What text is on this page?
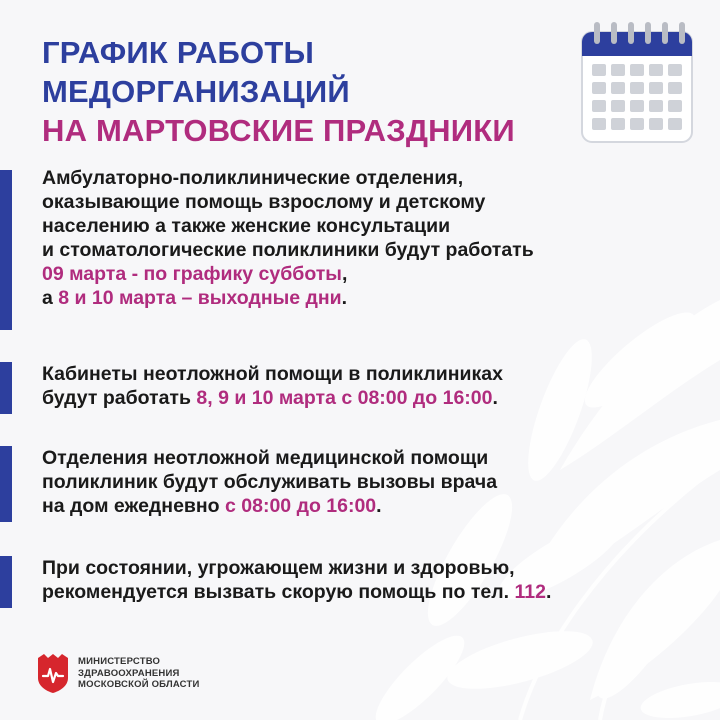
ГРАФИК РАБОТЫ
МЕДОРГАНИЗАЦИЙ
НА МАРТОВСКИЕ ПРАЗДНИКИ

Амбулаторно-поликлинические отделения,

оказывающие помощь взрослому и детскому

населению а также женские консультации

и стоматологические поликлиники будут работать

09 марта - по графику субботы,

а 8 и 10 марта – выходные дни.

Кабинеты неотложной помощи в поликлиниках

будут работать 8, 9 и 10 марта с 08:00 до 16:00.

Отделения неотложной медицинской помощи

поликлиник будут обслуживать вызовы врача

на дом ежедневно с 08:00 до 16:00.

При состоянии, угрожающем жизни и здоровью,

рекомендуется вызвать скорую помощь по тел. 112.

МИНИСТЕРСТВО
ЗДРАВООХРАНЕНИЯ
МОСКОВСКОЙ ОБЛАСТИ
